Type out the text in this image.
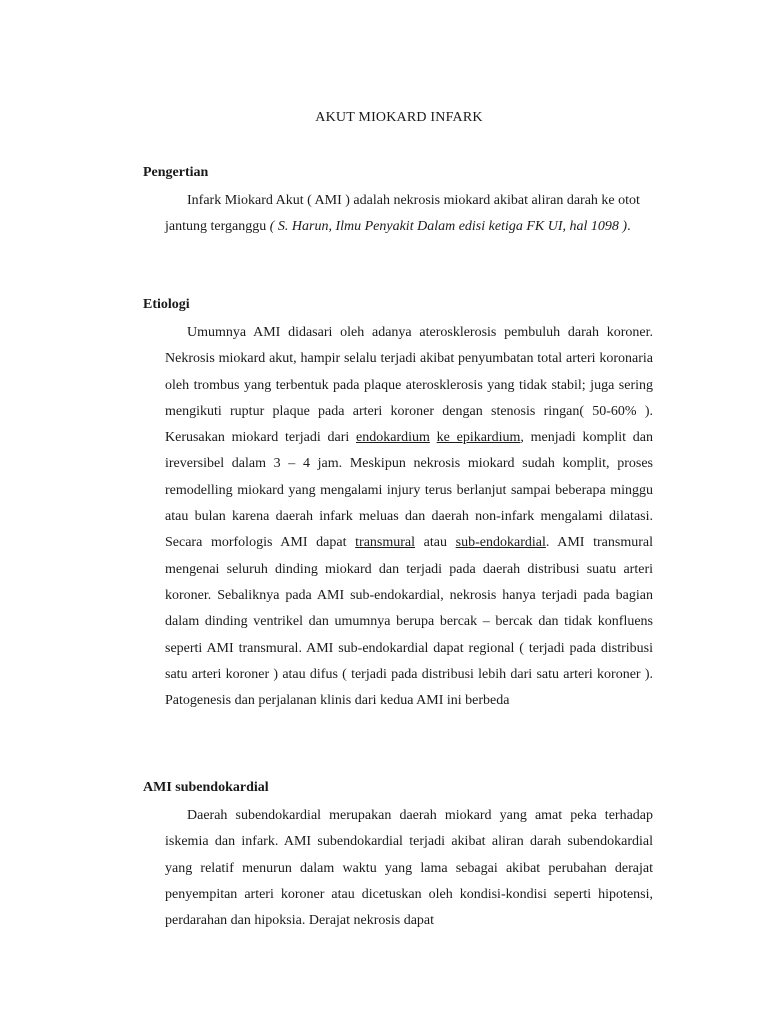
AKUT MIOKARD INFARK
Pengertian
Infark Miokard Akut ( AMI ) adalah nekrosis miokard akibat aliran darah ke otot jantung terganggu ( S. Harun, Ilmu Penyakit Dalam edisi ketiga FK UI, hal 1098 ).
Etiologi
Umumnya AMI didasari oleh adanya aterosklerosis pembuluh darah koroner. Nekrosis miokard akut, hampir selalu terjadi akibat penyumbatan total arteri koronaria oleh trombus yang terbentuk pada plaque aterosklerosis yang tidak stabil; juga sering mengikuti ruptur plaque pada arteri koroner dengan stenosis ringan( 50-60% ). Kerusakan miokard terjadi dari endokardium ke epikardium, menjadi komplit dan ireversibel dalam 3 – 4 jam. Meskipun nekrosis miokard sudah komplit, proses remodelling miokard yang mengalami injury terus berlanjut sampai beberapa minggu atau bulan karena daerah infark meluas dan daerah non-infark mengalami dilatasi. Secara morfologis AMI dapat transmural atau sub-endokardial. AMI transmural mengenai seluruh dinding miokard dan terjadi pada daerah distribusi suatu arteri koroner. Sebaliknya pada AMI sub-endokardial, nekrosis hanya terjadi pada bagian dalam dinding ventrikel dan umumnya berupa bercak – bercak dan tidak konfluens seperti AMI transmural. AMI sub-endokardial dapat regional ( terjadi pada distribusi satu arteri koroner ) atau difus ( terjadi pada distribusi lebih dari satu arteri koroner ). Patogenesis dan perjalanan klinis dari kedua AMI ini berbeda
AMI subendokardial
Daerah subendokardial merupakan daerah miokard yang amat peka terhadap iskemia dan infark. AMI subendokardial terjadi akibat aliran darah subendokardial yang relatif menurun dalam waktu yang lama sebagai akibat perubahan derajat penyempitan arteri koroner atau dicetuskan oleh kondisi-kondisi seperti hipotensi, perdarahan dan hipoksia. Derajat nekrosis dapat
